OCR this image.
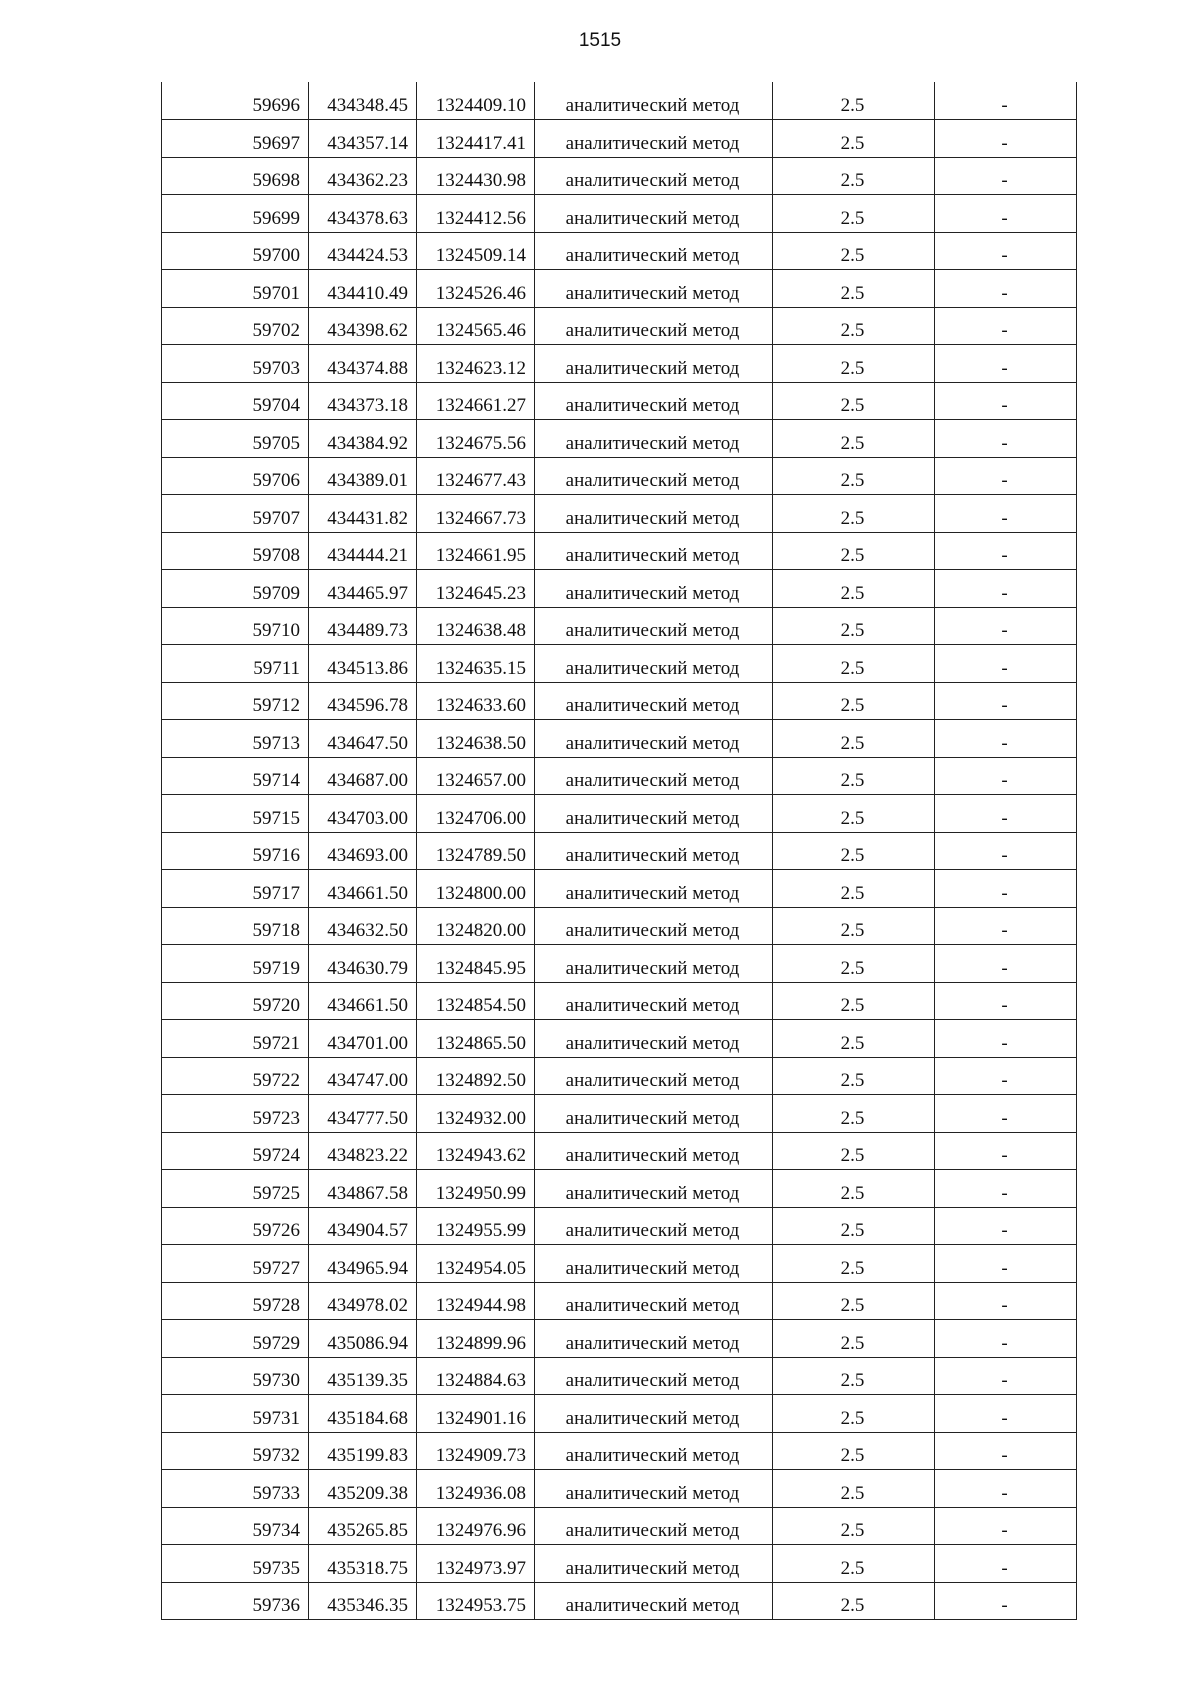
1515
59696	434348.45	1324409.10	аналитический метод	2.5	-
59697	434357.14	1324417.41	аналитический метод	2.5	-
59698	434362.23	1324430.98	аналитический метод	2.5	-
59699	434378.63	1324412.56	аналитический метод	2.5	-
59700	434424.53	1324509.14	аналитический метод	2.5	-
59701	434410.49	1324526.46	аналитический метод	2.5	-
59702	434398.62	1324565.46	аналитический метод	2.5	-
59703	434374.88	1324623.12	аналитический метод	2.5	-
59704	434373.18	1324661.27	аналитический метод	2.5	-
59705	434384.92	1324675.56	аналитический метод	2.5	-
59706	434389.01	1324677.43	аналитический метод	2.5	-
59707	434431.82	1324667.73	аналитический метод	2.5	-
59708	434444.21	1324661.95	аналитический метод	2.5	-
59709	434465.97	1324645.23	аналитический метод	2.5	-
59710	434489.73	1324638.48	аналитический метод	2.5	-
59711	434513.86	1324635.15	аналитический метод	2.5	-
59712	434596.78	1324633.60	аналитический метод	2.5	-
59713	434647.50	1324638.50	аналитический метод	2.5	-
59714	434687.00	1324657.00	аналитический метод	2.5	-
59715	434703.00	1324706.00	аналитический метод	2.5	-
59716	434693.00	1324789.50	аналитический метод	2.5	-
59717	434661.50	1324800.00	аналитический метод	2.5	-
59718	434632.50	1324820.00	аналитический метод	2.5	-
59719	434630.79	1324845.95	аналитический метод	2.5	-
59720	434661.50	1324854.50	аналитический метод	2.5	-
59721	434701.00	1324865.50	аналитический метод	2.5	-
59722	434747.00	1324892.50	аналитический метод	2.5	-
59723	434777.50	1324932.00	аналитический метод	2.5	-
59724	434823.22	1324943.62	аналитический метод	2.5	-
59725	434867.58	1324950.99	аналитический метод	2.5	-
59726	434904.57	1324955.99	аналитический метод	2.5	-
59727	434965.94	1324954.05	аналитический метод	2.5	-
59728	434978.02	1324944.98	аналитический метод	2.5	-
59729	435086.94	1324899.96	аналитический метод	2.5	-
59730	435139.35	1324884.63	аналитический метод	2.5	-
59731	435184.68	1324901.16	аналитический метод	2.5	-
59732	435199.83	1324909.73	аналитический метод	2.5	-
59733	435209.38	1324936.08	аналитический метод	2.5	-
59734	435265.85	1324976.96	аналитический метод	2.5	-
59735	435318.75	1324973.97	аналитический метод	2.5	-
59736	435346.35	1324953.75	аналитический метод	2.5	-
